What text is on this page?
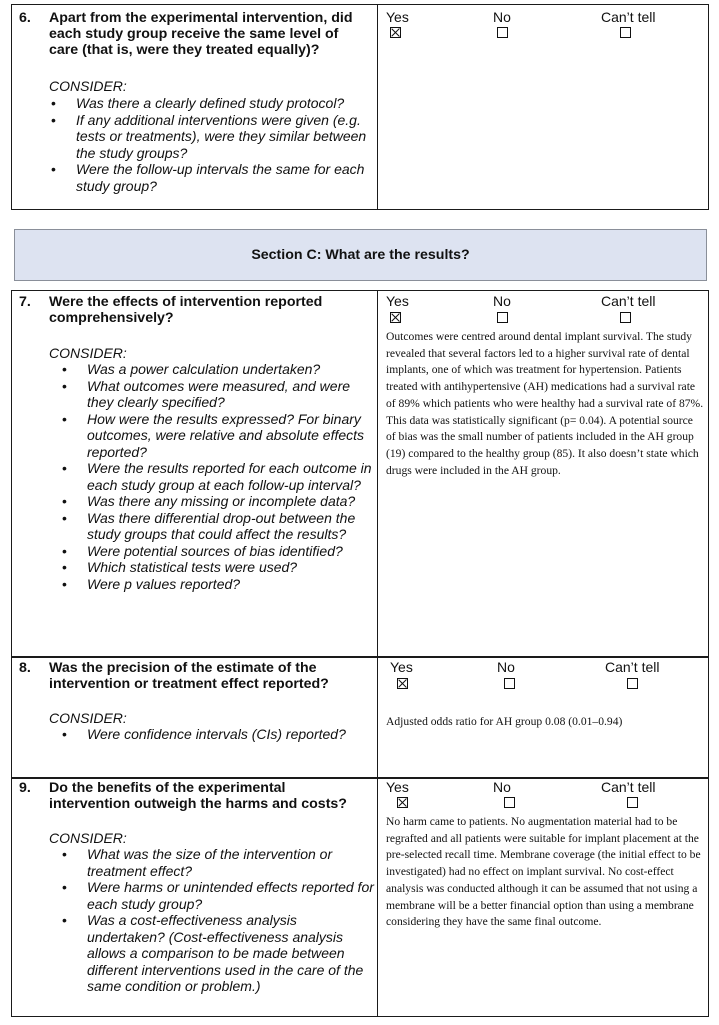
6. Apart from the experimental intervention, did each study group receive the same level of care (that is, were they treated equally)?
CONSIDER:
• Was there a clearly defined study protocol?
• If any additional interventions were given (e.g. tests or treatments), were they similar between the study groups?
• Were the follow-up intervals the same for each study group?
Yes	No	Can’t tell
Section C: What are the results?
7. Were the effects of intervention reported comprehensively?
CONSIDER:
• Was a power calculation undertaken?
• What outcomes were measured, and were they clearly specified?
• How were the results expressed? For binary outcomes, were relative and absolute effects reported?
• Were the results reported for each outcome in each study group at each follow-up interval?
• Was there any missing or incomplete data?
• Was there differential drop-out between the study groups that could affect the results?
• Were potential sources of bias identified?
• Which statistical tests were used?
• Were p values reported?
Yes	No	Can’t tell
Outcomes were centred around dental implant survival. The study revealed that several factors led to a higher survival rate of dental implants, one of which was treatment for hypertension. Patients treated with antihypertensive (AH) medications had a survival rate of 89% which patients who were healthy had a survival rate of 87%. This data was statistically significant (p= 0.04). A potential source of bias was the small number of patients included in the AH group (19) compared to the healthy group (85). It also doesn’t state which drugs were included in the AH group.
8. Was the precision of the estimate of the intervention or treatment effect reported?
CONSIDER:
• Were confidence intervals (CIs) reported?
Yes	No	Can’t tell
Adjusted odds ratio for AH group 0.08 (0.01–0.94)
9. Do the benefits of the experimental intervention outweigh the harms and costs?
CONSIDER:
• What was the size of the intervention or treatment effect?
• Were harms or unintended effects reported for each study group?
• Was a cost-effectiveness analysis undertaken? (Cost-effectiveness analysis allows a comparison to be made between different interventions used in the care of the same condition or problem.)
Yes	No	Can’t tell
No harm came to patients. No augmentation material had to be regrafted and all patients were suitable for implant placement at the pre-selected recall time. Membrane coverage (the initial effect to be investigated) had no effect on implant survival. No cost-effect analysis was conducted although it can be assumed that not using a membrane will be a better financial option than using a membrane considering they have the same final outcome.
